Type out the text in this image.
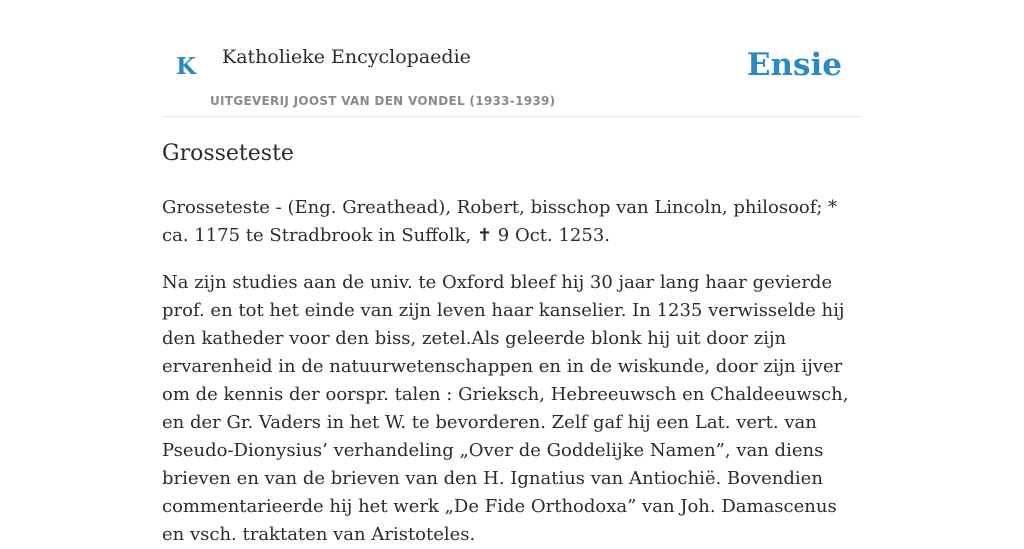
K Katholieke Encyclopaedie
UITGEVERIJ JOOST VAN DEN VONDEL (1933-1939)
Ensie
Grosseteste

Grosseteste - (Eng. Greathead), Robert, bisschop van Lincoln, philosoof; * ca. 1175 te Stradbrook in Suffolk, ✝ 9 Oct. 1253.

Na zijn studies aan de univ. te Oxford bleef hij 30 jaar lang haar gevierde prof. en tot het einde van zijn leven haar kanselier. In 1235 verwisselde hij den katheder voor den biss, zetel.Als geleerde blonk hij uit door zijn ervarenheid in de natuurwetenschappen en in de wiskunde, door zijn ijver om de kennis der oorspr. talen : Grieksch, Hebreeuwsch en Chaldeeuwsch, en der Gr. Vaders in het W. te bevorderen. Zelf gaf hij een Lat. vert. van Pseudo-Dionysius’ verhandeling „Over de Goddelijke Namen”, van diens brieven en van de brieven van den H. Ignatius van Antiochië. Bovendien commentarieerde hij het werk „De Fide Orthodoxa” van Joh. Damascenus en vsch. traktaten van Aristoteles.
